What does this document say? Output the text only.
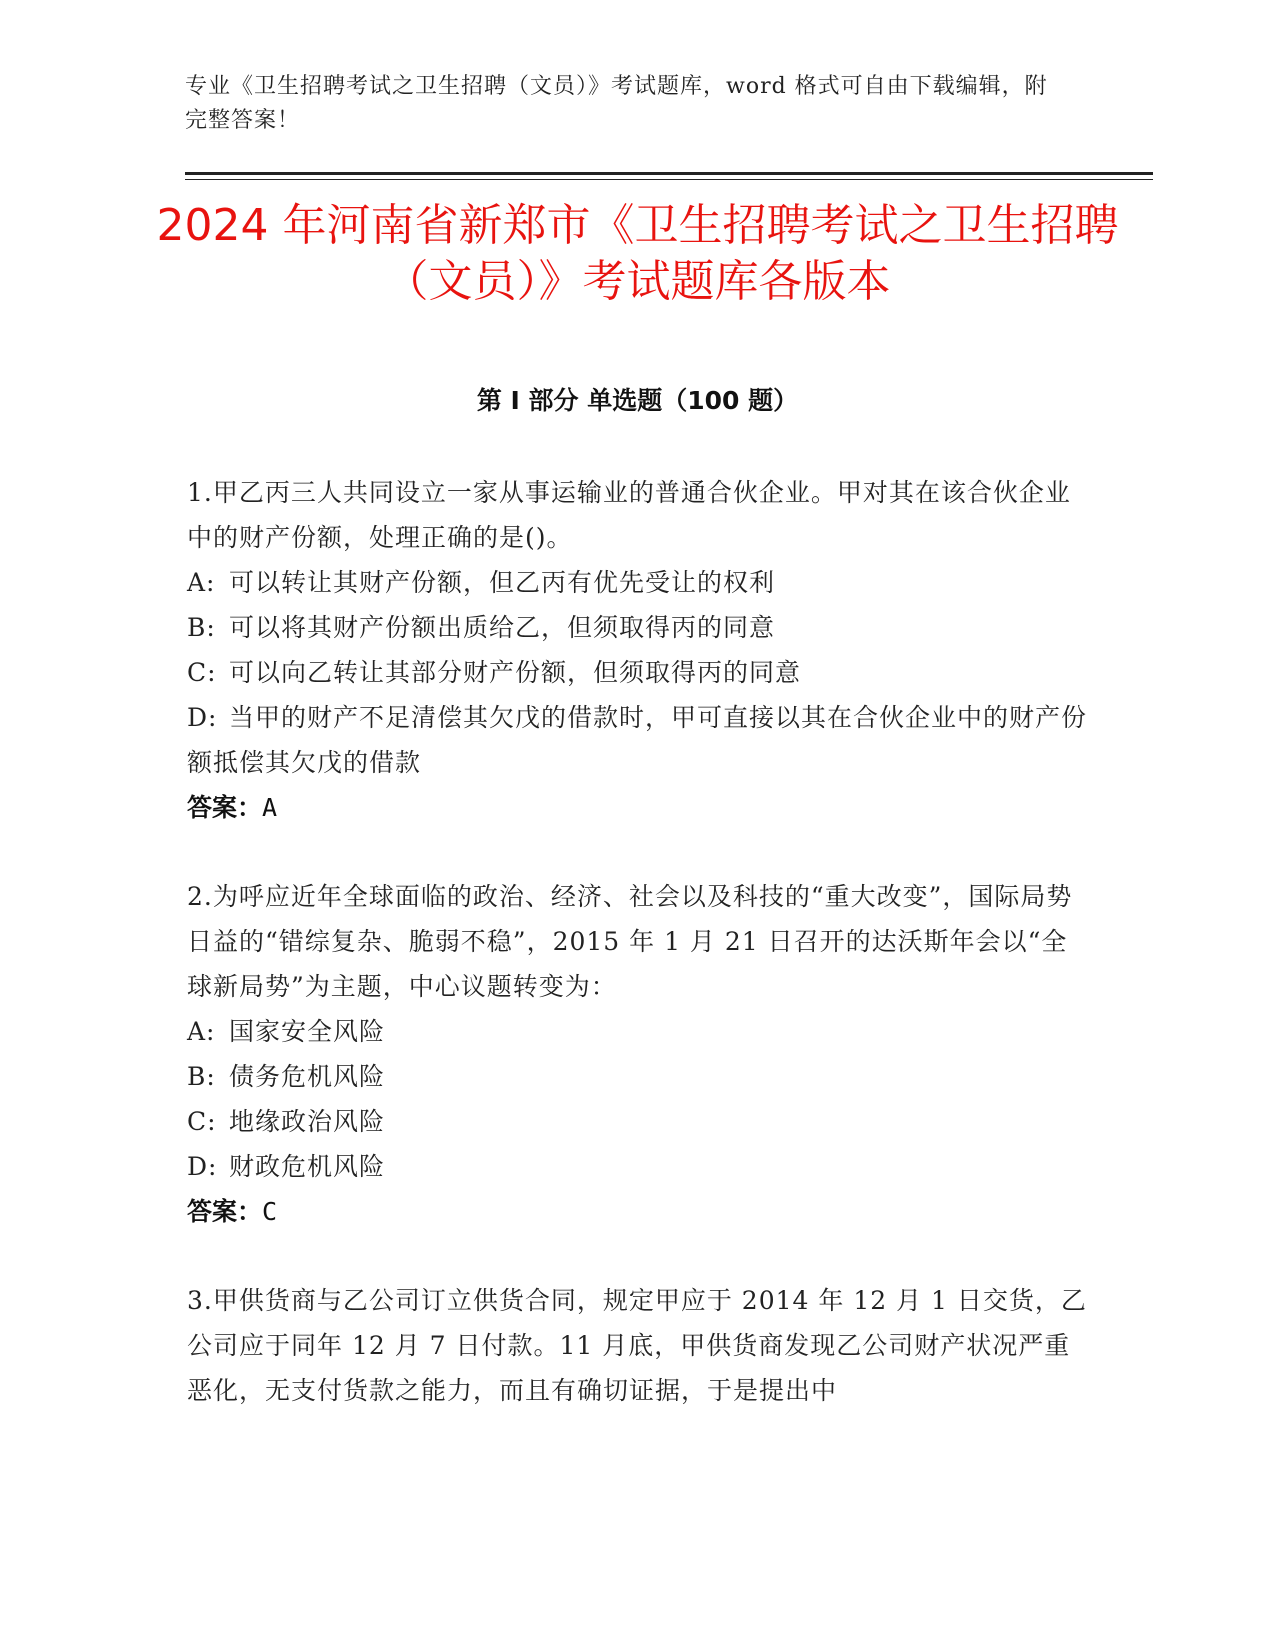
专业《卫生招聘考试之卫生招聘（文员）》考试题库，word 格式可自由下载编辑，附完整答案！
2024 年河南省新郑市《卫生招聘考试之卫生招聘（文员）》考试题库各版本
第 I 部分 单选题（100 题）
1.甲乙丙三人共同设立一家从事运输业的普通合伙企业。甲对其在该合伙企业中的财产份额，处理正确的是()。
A: 可以转让其财产份额，但乙丙有优先受让的权利
B: 可以将其财产份额出质给乙，但须取得丙的同意
C: 可以向乙转让其部分财产份额，但须取得丙的同意
D: 当甲的财产不足清偿其欠戊的借款时，甲可直接以其在合伙企业中的财产份额抵偿其欠戊的借款
答案：A
2.为呼应近年全球面临的政治、经济、社会以及科技的“重大改变”，国际局势日益的“错综复杂、脆弱不稳”，2015 年 1 月 21 日召开的达沃斯年会以“全球新局势”为主题，中心议题转变为：
A: 国家安全风险
B: 债务危机风险
C: 地缘政治风险
D: 财政危机风险
答案：C
3.甲供货商与乙公司订立供货合同，规定甲应于 2014 年 12 月 1 日交货，乙公司应于同年 12 月 7 日付款。11 月底，甲供货商发现乙公司财产状况严重恶化，无支付货款之能力，而且有确切证据，于是提出中
